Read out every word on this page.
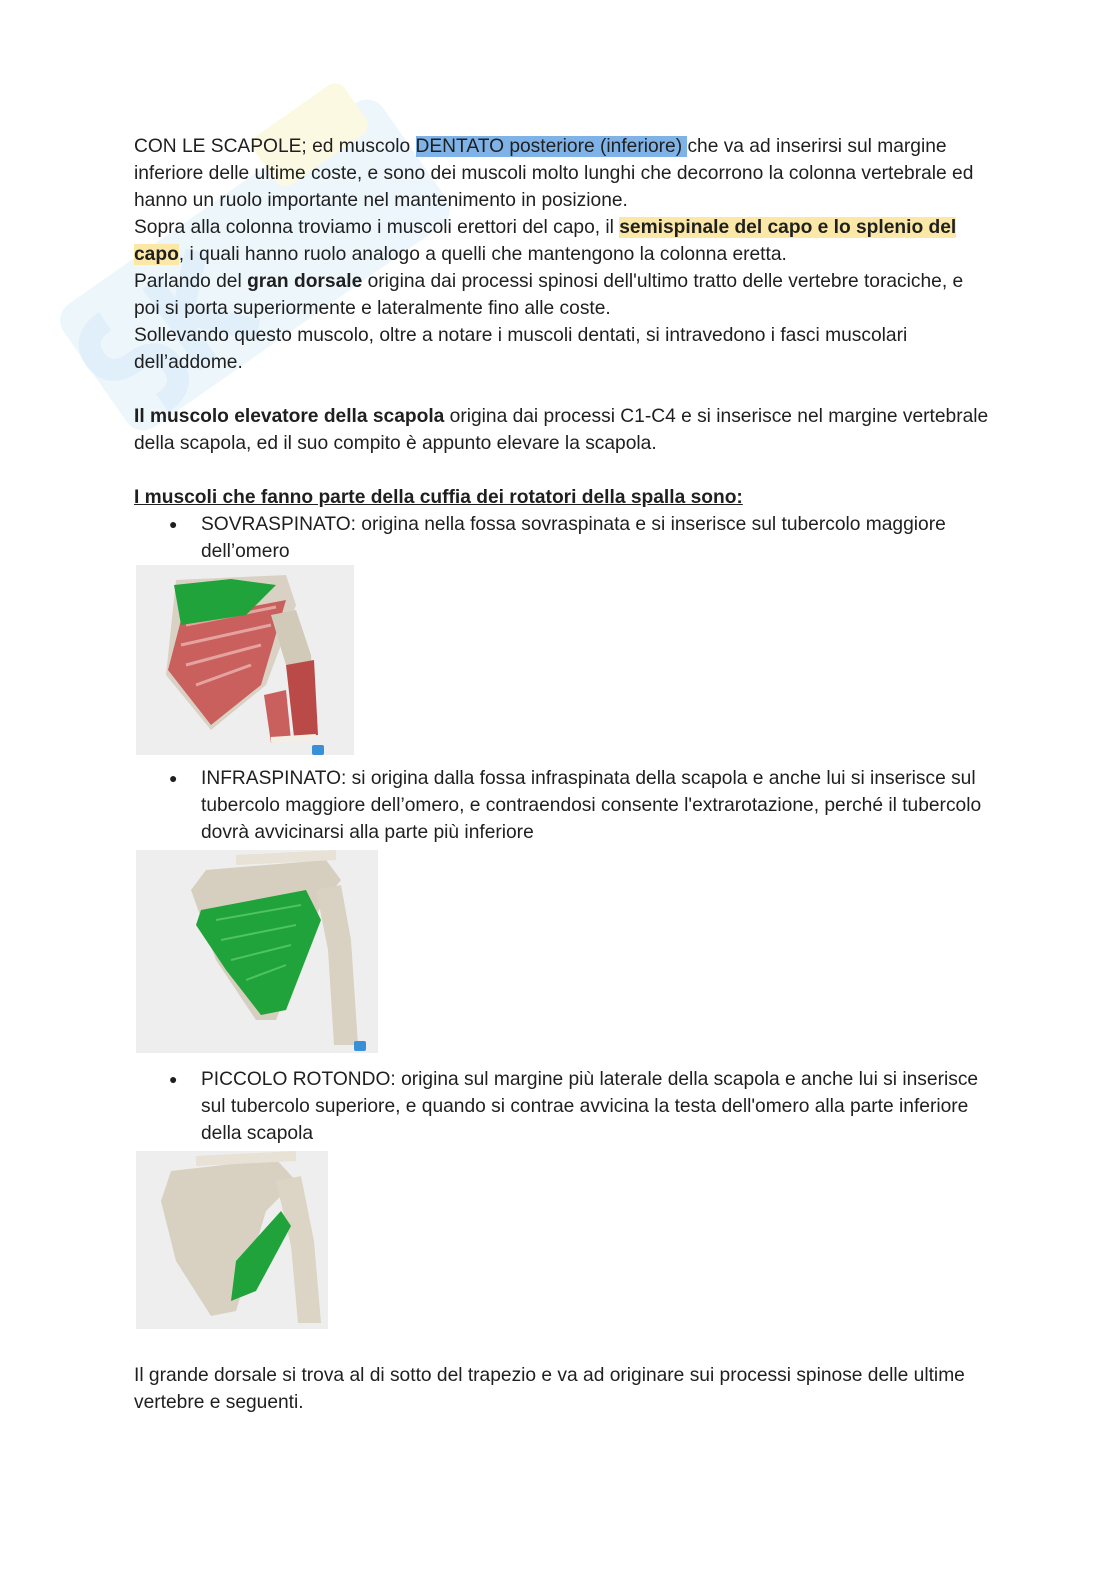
CON LE SCAPOLE; ed muscolo DENTATO posteriore (inferiore) che va ad inserirsi sul margine inferiore delle ultime coste, e sono dei muscoli molto lunghi che decorrono la colonna vertebrale ed hanno un ruolo importante nel mantenimento in posizione.

Sopra alla colonna troviamo i muscoli erettori del capo, il semispinale del capo e lo splenio del capo, i quali hanno ruolo analogo a quelli che mantengono la colonna eretta.

Parlando del gran dorsale origina dai processi spinosi dell'ultimo tratto delle vertebre toraciche, e poi si porta superiormente e lateralmente fino alle coste.

Sollevando questo muscolo, oltre a notare i muscoli dentati, si intravedono i fasci muscolari dell’addome.

Il muscolo elevatore della scapola origina dai processi C1-C4 e si inserisce nel margine vertebrale della scapola, ed il suo compito è appunto elevare la scapola.

I muscoli che fanno parte della cuffia dei rotatori della spalla sono:

● SOVRASPINATO: origina nella fossa sovraspinata e si inserisce sul tubercolo maggiore dell’omero
● INFRASPINATO: si origina dalla fossa infraspinata della scapola e anche lui si inserisce sul tubercolo maggiore dell’omero, e contraendosi consente l'extrarotazione, perché il tubercolo dovrà avvicinarsi alla parte più inferiore
● PICCOLO ROTONDO: origina sul margine più laterale della scapola e anche lui si inserisce sul tubercolo superiore, e quando si contrae avvicina la testa dell'omero alla parte inferiore della scapola

Il grande dorsale si trova al di sotto del trapezio e va ad originare sui processi spinose delle ultime vertebre e seguenti.
